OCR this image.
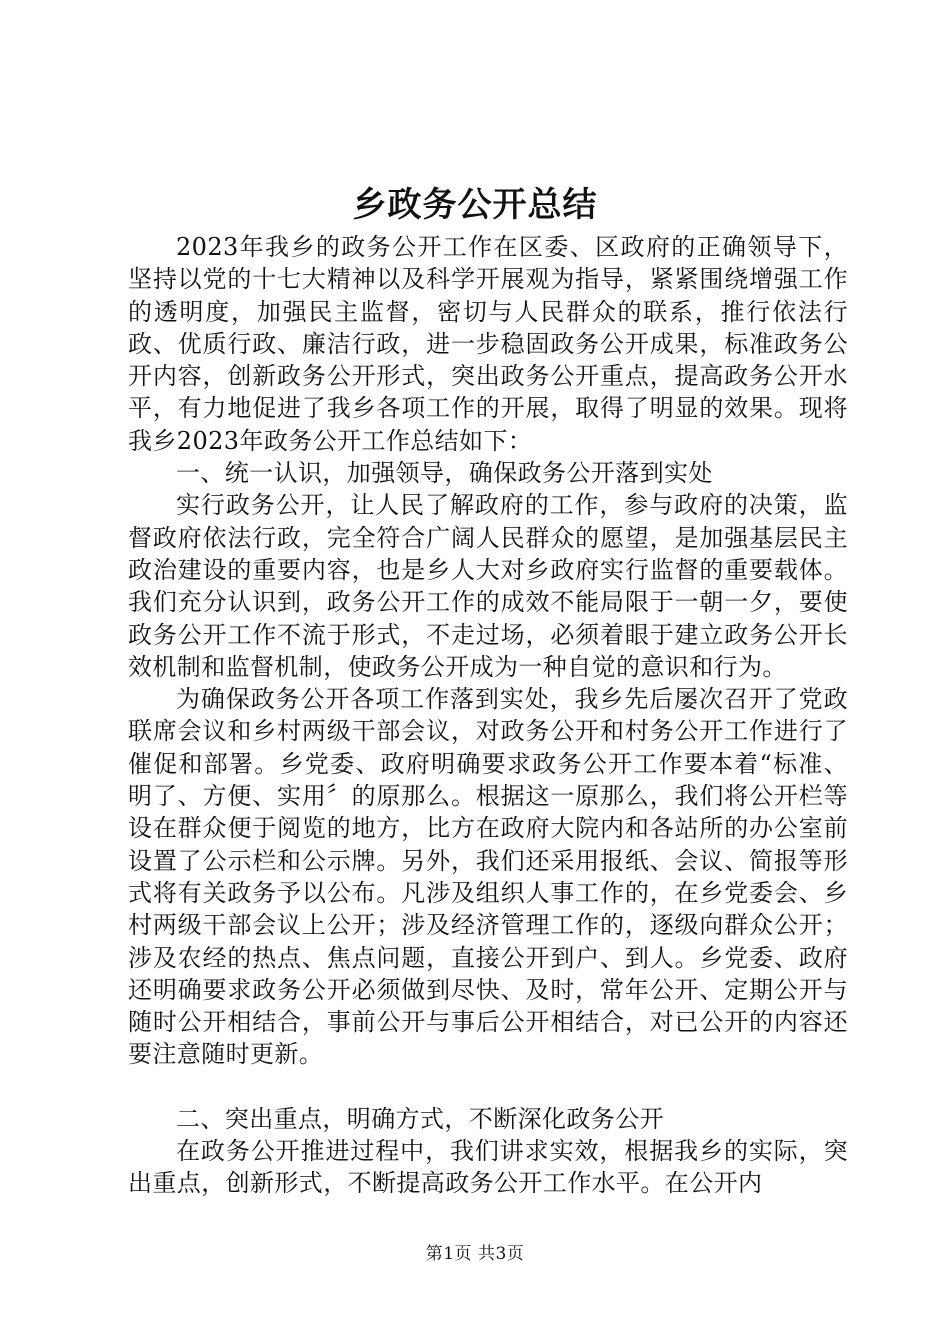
乡政务公开总结

2023年我乡的政务公开工作在区委、区政府的正确领导下，坚持以党的十七大精神以及科学开展观为指导，紧紧围绕增强工作的透明度，加强民主监督，密切与人民群众的联系，推行依法行政、优质行政、廉洁行政，进一步稳固政务公开成果，标准政务公开内容，创新政务公开形式，突出政务公开重点，提高政务公开水平，有力地促进了我乡各项工作的开展，取得了明显的效果。现将我乡2023年政务公开工作总结如下：

一、统一认识，加强领导，确保政务公开落到实处

实行政务公开，让人民了解政府的工作，参与政府的决策，监督政府依法行政，完全符合广阔人民群众的愿望，是加强基层民主政治建设的重要内容，也是乡人大对乡政府实行监督的重要载体。我们充分认识到，政务公开工作的成效不能局限于一朝一夕，要使政务公开工作不流于形式，不走过场，必须着眼于建立政务公开长效机制和监督机制，使政务公开成为一种自觉的意识和行为。

为确保政务公开各项工作落到实处，我乡先后屡次召开了党政联席会议和乡村两级干部会议，对政务公开和村务公开工作进行了催促和部署。乡党委、政府明确要求政务公开工作要本着“标准、明了、方便、实用〞的原那么。根据这一原那么，我们将公开栏等设在群众便于阅览的地方，比方在政府大院内和各站所的办公室前设置了公示栏和公示牌。另外，我们还采用报纸、会议、简报等形式将有关政务予以公布。凡涉及组织人事工作的，在乡党委会、乡村两级干部会议上公开；涉及经济管理工作的，逐级向群众公开；涉及农经的热点、焦点问题，直接公开到户、到人。乡党委、政府还明确要求政务公开必须做到尽快、及时，常年公开、定期公开与随时公开相结合，事前公开与事后公开相结合，对已公开的内容还要注意随时更新。

二、突出重点，明确方式，不断深化政务公开

在政务公开推进过程中，我们讲求实效，根据我乡的实际，突出重点，创新形式，不断提高政务公开工作水平。在公开内

第1页 共3页
